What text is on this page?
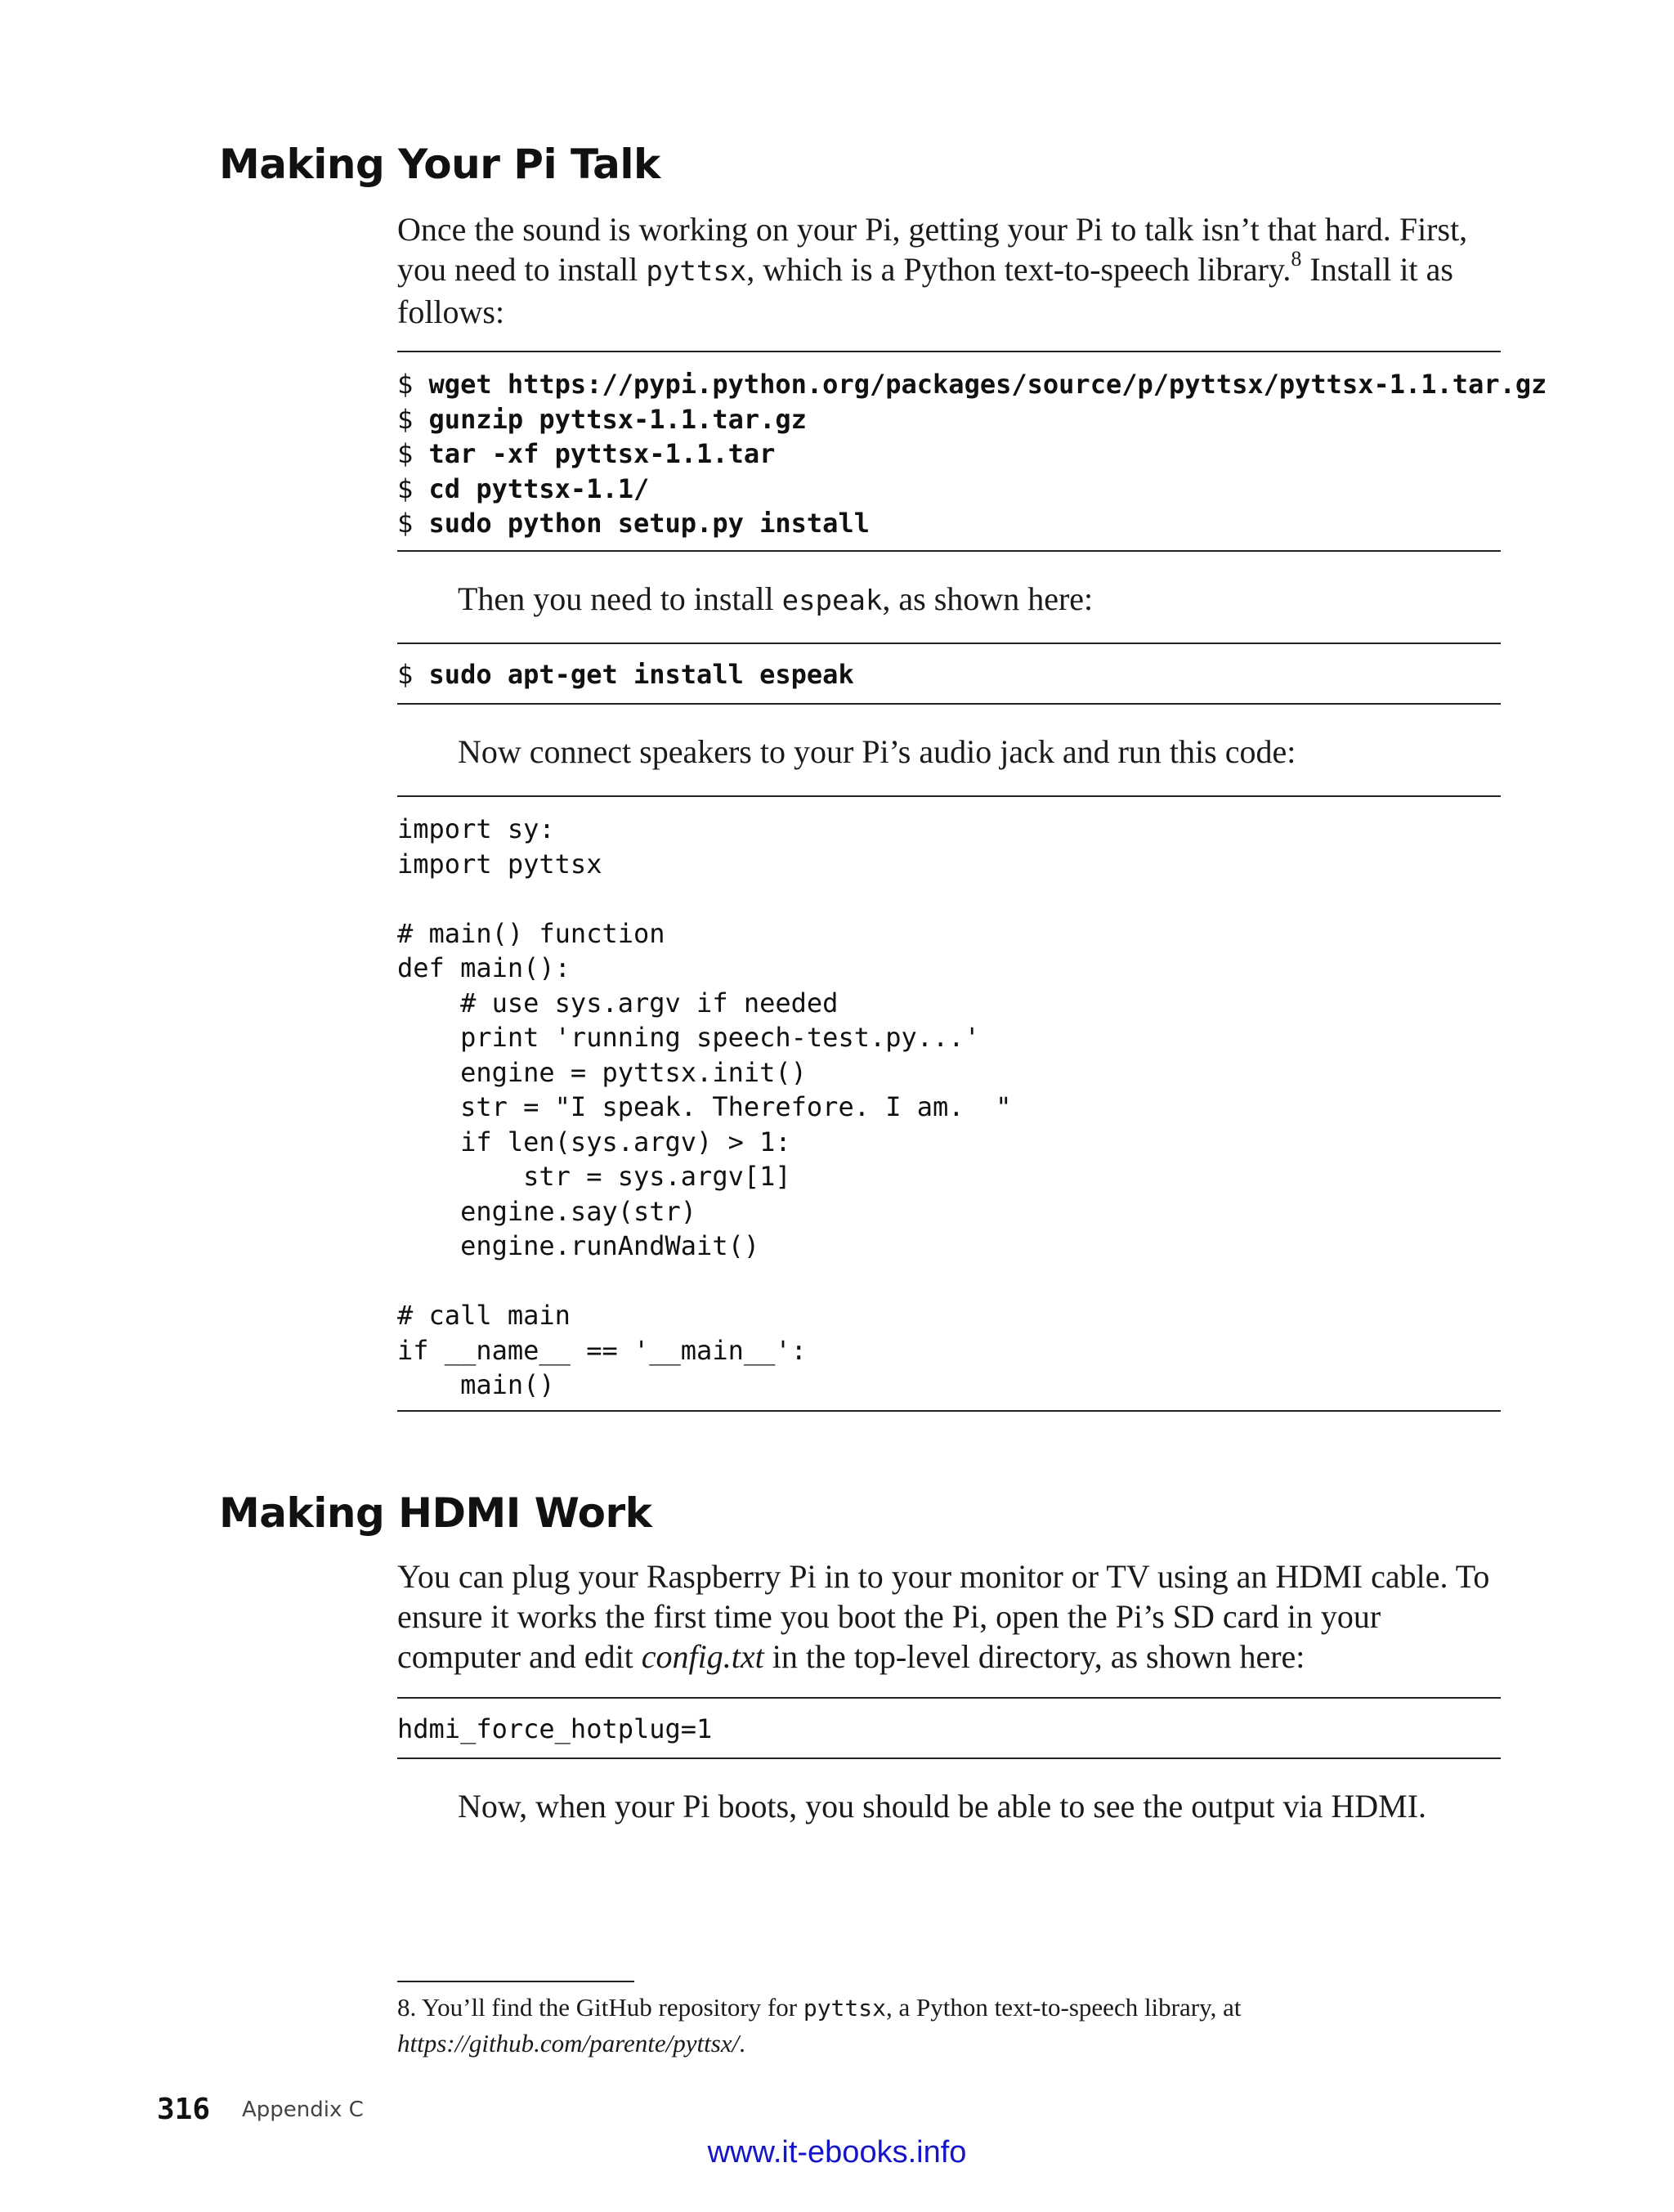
Making Your Pi Talk

Once the sound is working on your Pi, getting your Pi to talk isn’t that hard. First, you need to install pyttsx, which is a Python text-to-speech library.$^8$ Install it as follows:

$ wget https://pypi.python.org/packages/source/p/pyttsx/pyttsx-1.1.tar.gz
$ gunzip pyttsx-1.1.tar.gz
$ tar -xf pyttsx-1.1.tar
$ cd pyttsx-1.1/
$ sudo python setup.py install

Then you need to install espeak, as shown here:

$ sudo apt-get install espeak

Now connect speakers to your Pi’s audio jack and run this code:

import sy:
import pyttsx

# main() function
def main():
# use sys.argv if needed
print 'running speech-test.py...'
engine = pyttsx.init()
str = "I speak. Therefore. I am.  "
if len(sys.argv) > 1:
str = sys.argv[1]
engine.say(str)
engine.runAndWait()

# call main
if __name__ == '__main__':
main()
Making HDMI Work

You can plug your Raspberry Pi in to your monitor or TV using an HDMI cable. To ensure it works the first time you boot the Pi, open the Pi’s SD card in your computer and edit config.txt in the top-level directory, as shown here:

hdmi_force_hotplug=1

Now, when your Pi boots, you should be able to see the output via HDMI.

8. You’ll find the GitHub repository for pyttsx, a Python text-to-speech library, at https://github.com/parente/pyttsx/.

316 Appendix C
www.it-ebooks.info
